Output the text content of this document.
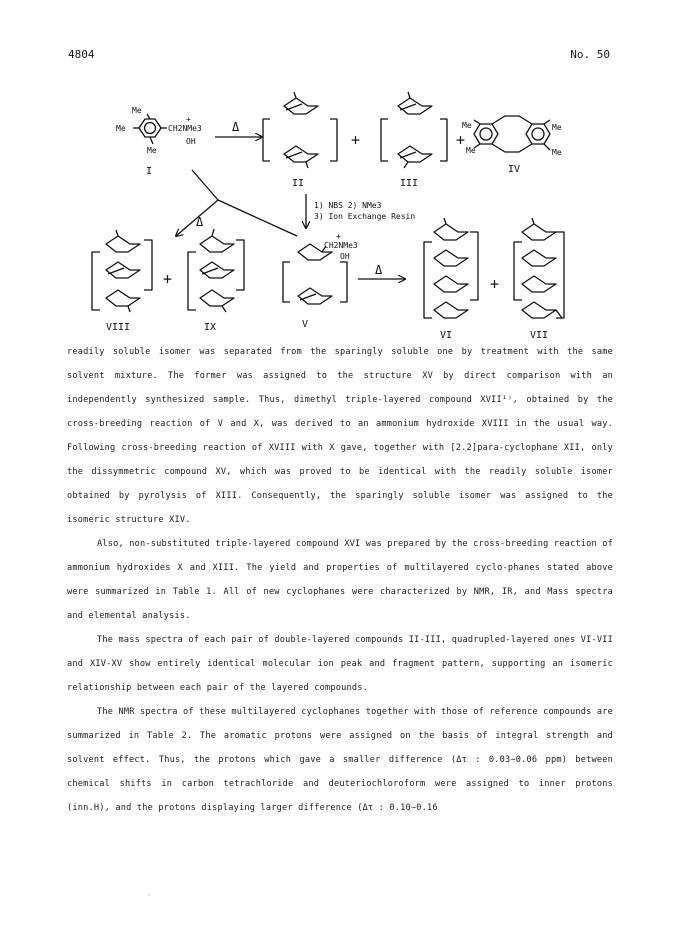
4804	No. 50
Me
Me
Me
CH2NMe3
+
OH
Me
Me
Me
Me
CH2NMe3
+
OH
1) NBS 2) NMe3
3) Ion Exchange Resin
Δ
Δ
Δ
+	+
+	+
I
II	III
IV
V
VI	VII
VIII	IX

readily soluble isomer was separated from the sparingly soluble one by treatment with the same solvent mixture. The former was assigned to the structure XV by direct comparison with an independently synthesized sample. Thus, dimethyl triple-layered compound XVII¹⁾, obtained by the cross-breeding reaction of V and X, was derived to an ammonium hydroxide XVIII in the usual way. Following cross-breeding reaction of XVIII with X gave, together with [2.2]para-cyclophane XII, only the dissymmetric compound XV, which was proved to be identical with the readily soluble isomer obtained by pyrolysis of XIII. Consequently, the sparingly soluble isomer was assigned to the isomeric structure XIV.

Also, non-substituted triple-layered compound XVI was prepared by the cross-breeding reaction of ammonium hydroxides X and XIII. The yield and properties of multilayered cyclo-phanes stated above were summarized in Table 1. All of new cyclophanes were characterized by NMR, IR, and Mass spectra and elemental analysis.

The mass spectra of each pair of double-layered compounds II-III, quadrupled-layered ones VI-VII and XIV-XV show entirely identical molecular ion peak and fragment pattern, supporting an isomeric relationship between each pair of the layered compounds.

The NMR spectra of these multilayered cyclophanes together with those of reference compounds are summarized in Table 2. The aromatic protons were assigned on the basis of integral strength and solvent effect. Thus, the protons which gave a smaller difference (Δτ : 0.03∼0.06 ppm) between chemical shifts in carbon tetrachloride and deuteriochloroform were assigned to inner protons (inn.H), and the protons displaying larger difference (Δτ : 0.10∼0.16

'
